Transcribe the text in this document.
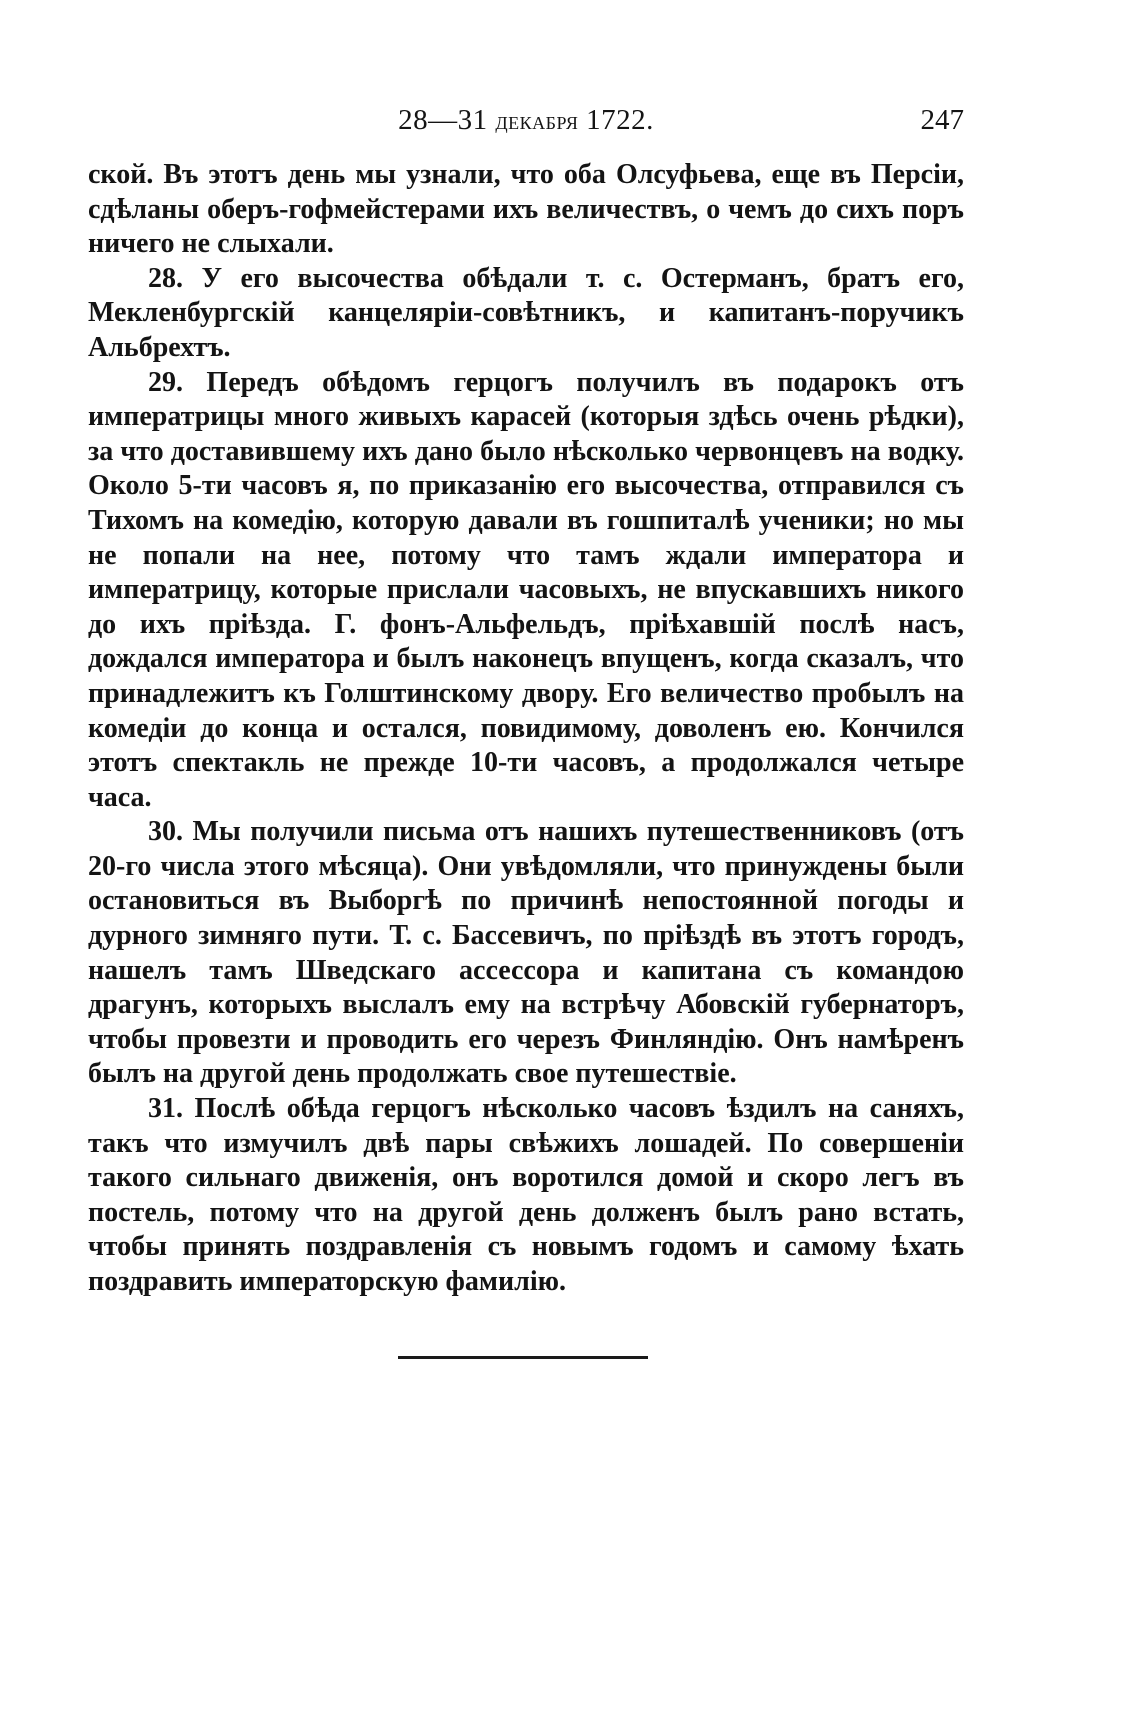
28—31 декабря 1722.	247

ской. Въ этотъ день мы узнали, что оба Олсуфьева, еще въ Персіи, сдѣланы оберъ-гофмейстерами ихъ величествъ, о чемъ до сихъ поръ ничего не слыхали.

28. У его высочества обѣдали т. с. Остерманъ, братъ его, Мекленбургскій канцеляріи-совѣтникъ, и капитанъ-поручикъ Альбрехтъ.

29. Передъ обѣдомъ герцогъ получилъ въ подарокъ отъ императрицы много живыхъ карасей (которыя здѣсь очень рѣдки), за что доставившему ихъ дано было нѣсколько червонцевъ на водку. Около 5-ти часовъ я, по приказанію его высочества, отправился съ Тихомъ на комедію, которую давали въ гошпиталѣ ученики; но мы не попали на нее, потому что тамъ ждали императора и императрицу, которые прислали часовыхъ, не впускавшихъ никого до ихъ пріѣзда. Г. фонъ-Альфельдъ, пріѣхавшій послѣ насъ, дождался императора и былъ наконецъ впущенъ, когда сказалъ, что принадлежитъ къ Голштинскому двору. Его величество пробылъ на комедіи до конца и остался, повидимому, доволенъ ею. Кончился этотъ спектакль не прежде 10-ти часовъ, а продолжался четыре часа.

30. Мы получили письма отъ нашихъ путешественниковъ (отъ 20-го числа этого мѣсяца). Они увѣдомляли, что принуждены были остановиться въ Выборгѣ по причинѣ непостоянной погоды и дурного зимняго пути. Т. с. Бассевичъ, по пріѣздѣ въ этотъ городъ, нашелъ тамъ Шведскаго ассессора и капитана съ командою драгунъ, которыхъ выслалъ ему на встрѣчу Абовскій губернаторъ, чтобы провезти и проводить его черезъ Финляндію. Онъ намѣренъ былъ на другой день продолжать свое путешествіе.

31. Послѣ обѣда герцогъ нѣсколько часовъ ѣздилъ на саняхъ, такъ что измучилъ двѣ пары свѣжихъ лошадей. По совершеніи такого сильнаго движенія, онъ воротился домой и скоро легъ въ постель, потому что на другой день долженъ былъ рано встать, чтобы принять поздравленія съ новымъ годомъ и самому ѣхать поздравить императорскую фамилію.
